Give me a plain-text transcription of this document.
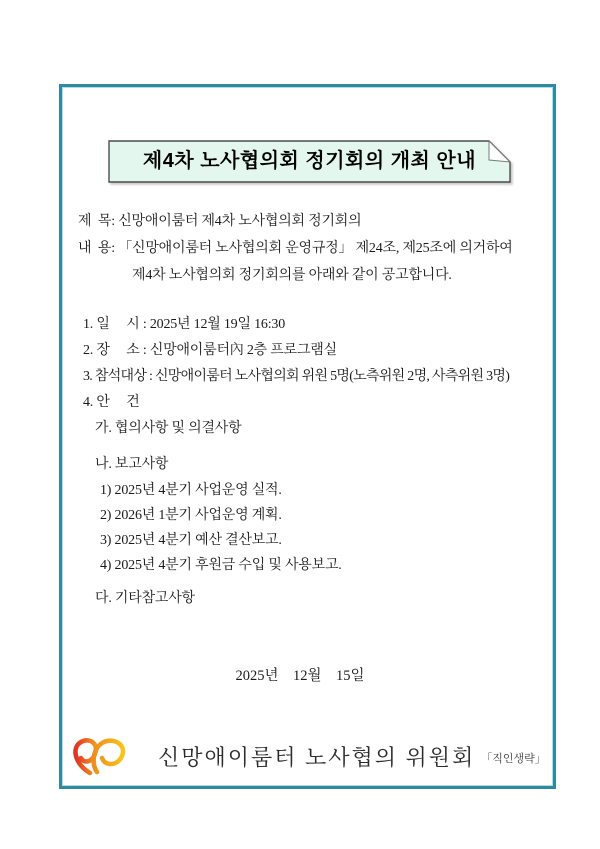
제4차 노사협의회 정기회의 개최 안내
제  목: 신망애이룸터 제4차 노사협의회 정기회의
내  용: 「신망애이룸터 노사협의회 운영규정」 제24조, 제25조에 의거하여
제4차 노사협의회 정기회의를 아래와 같이 공고합니다.
1. 일     시 : 2025년 12월 19일 16:30
2. 장     소 : 신망애이룸터內 2층 프로그램실
3. 참석대상 : 신망애이룸터 노사협의회 위원 5명(노측위원 2명, 사측위원 3명)
4. 안     건
가. 협의사항 및 의결사항
나. 보고사항
1) 2025년 4분기 사업운영 실적.
2) 2026년 1분기 사업운영 계획.
3) 2025년 4분기 예산 결산보고.
4) 2025년 4분기 후원금 수입 및 사용보고.
다. 기타참고사항
2025년    12월    15일
신망애이룸터 노사협의 위원회 「직인생략」
